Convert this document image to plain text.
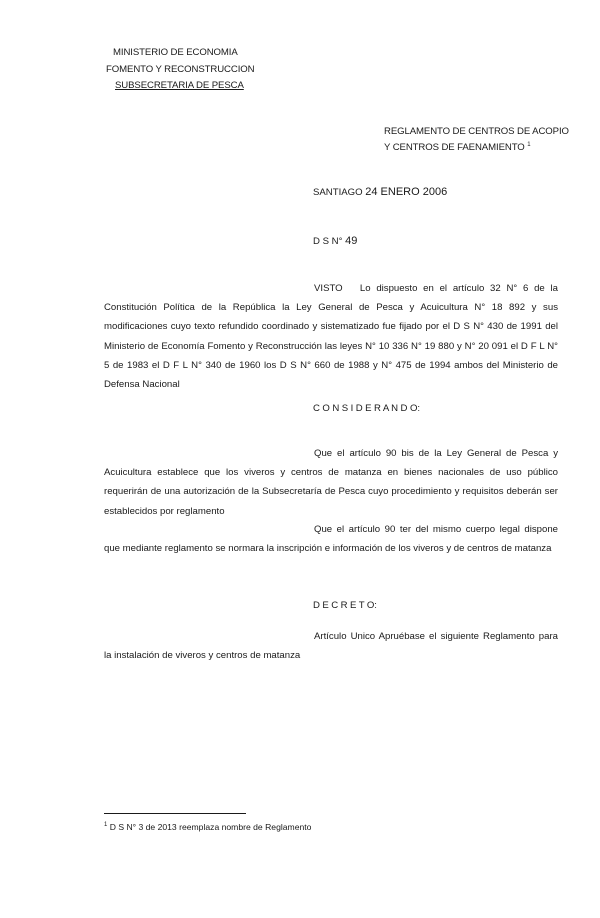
MINISTERIO DE ECONOMIA
FOMENTO Y RECONSTRUCCION
SUBSECRETARIA DE PESCA
REGLAMENTO DE CENTROS DE ACOPIO
Y CENTROS DE FAENAMIENTO $^1$
SANTIAGO 24 ENERO 2006
D S N° 49

VISTO Lo dispuesto en el artículo 32 N° 6 de la Constitución Política de la República la Ley General de Pesca y Acuicultura N° 18 892 y sus modificaciones cuyo texto refundido coordinado y sistematizado fue fijado por el D S N° 430 de 1991 del Ministerio de Economía Fomento y Reconstrucción las leyes N° 10 336 N° 19 880 y N° 20 091 el D F L N° 5 de 1983 el D F L N° 340 de 1960 los D S N° 660 de 1988 y N° 475 de 1994 ambos del Ministerio de Defensa Nacional

C O N S I D E R A N D O:

Que el artículo 90 bis de la Ley General de Pesca y Acuicultura establece que los viveros y centros de matanza en bienes nacionales de uso público requerirán de una autorización de la Subsecretaría de Pesca cuyo procedimiento y requisitos deberán ser establecidos por reglamento

Que el artículo 90 ter del mismo cuerpo legal dispone que mediante reglamento se normara la inscripción e información de los viveros y de centros de matanza

D E C R E T O:

Artículo Unico Apruébase el siguiente Reglamento para la instalación de viveros y centros de matanza

$^1$ D S N° 3 de 2013 reemplaza nombre de Reglamento
